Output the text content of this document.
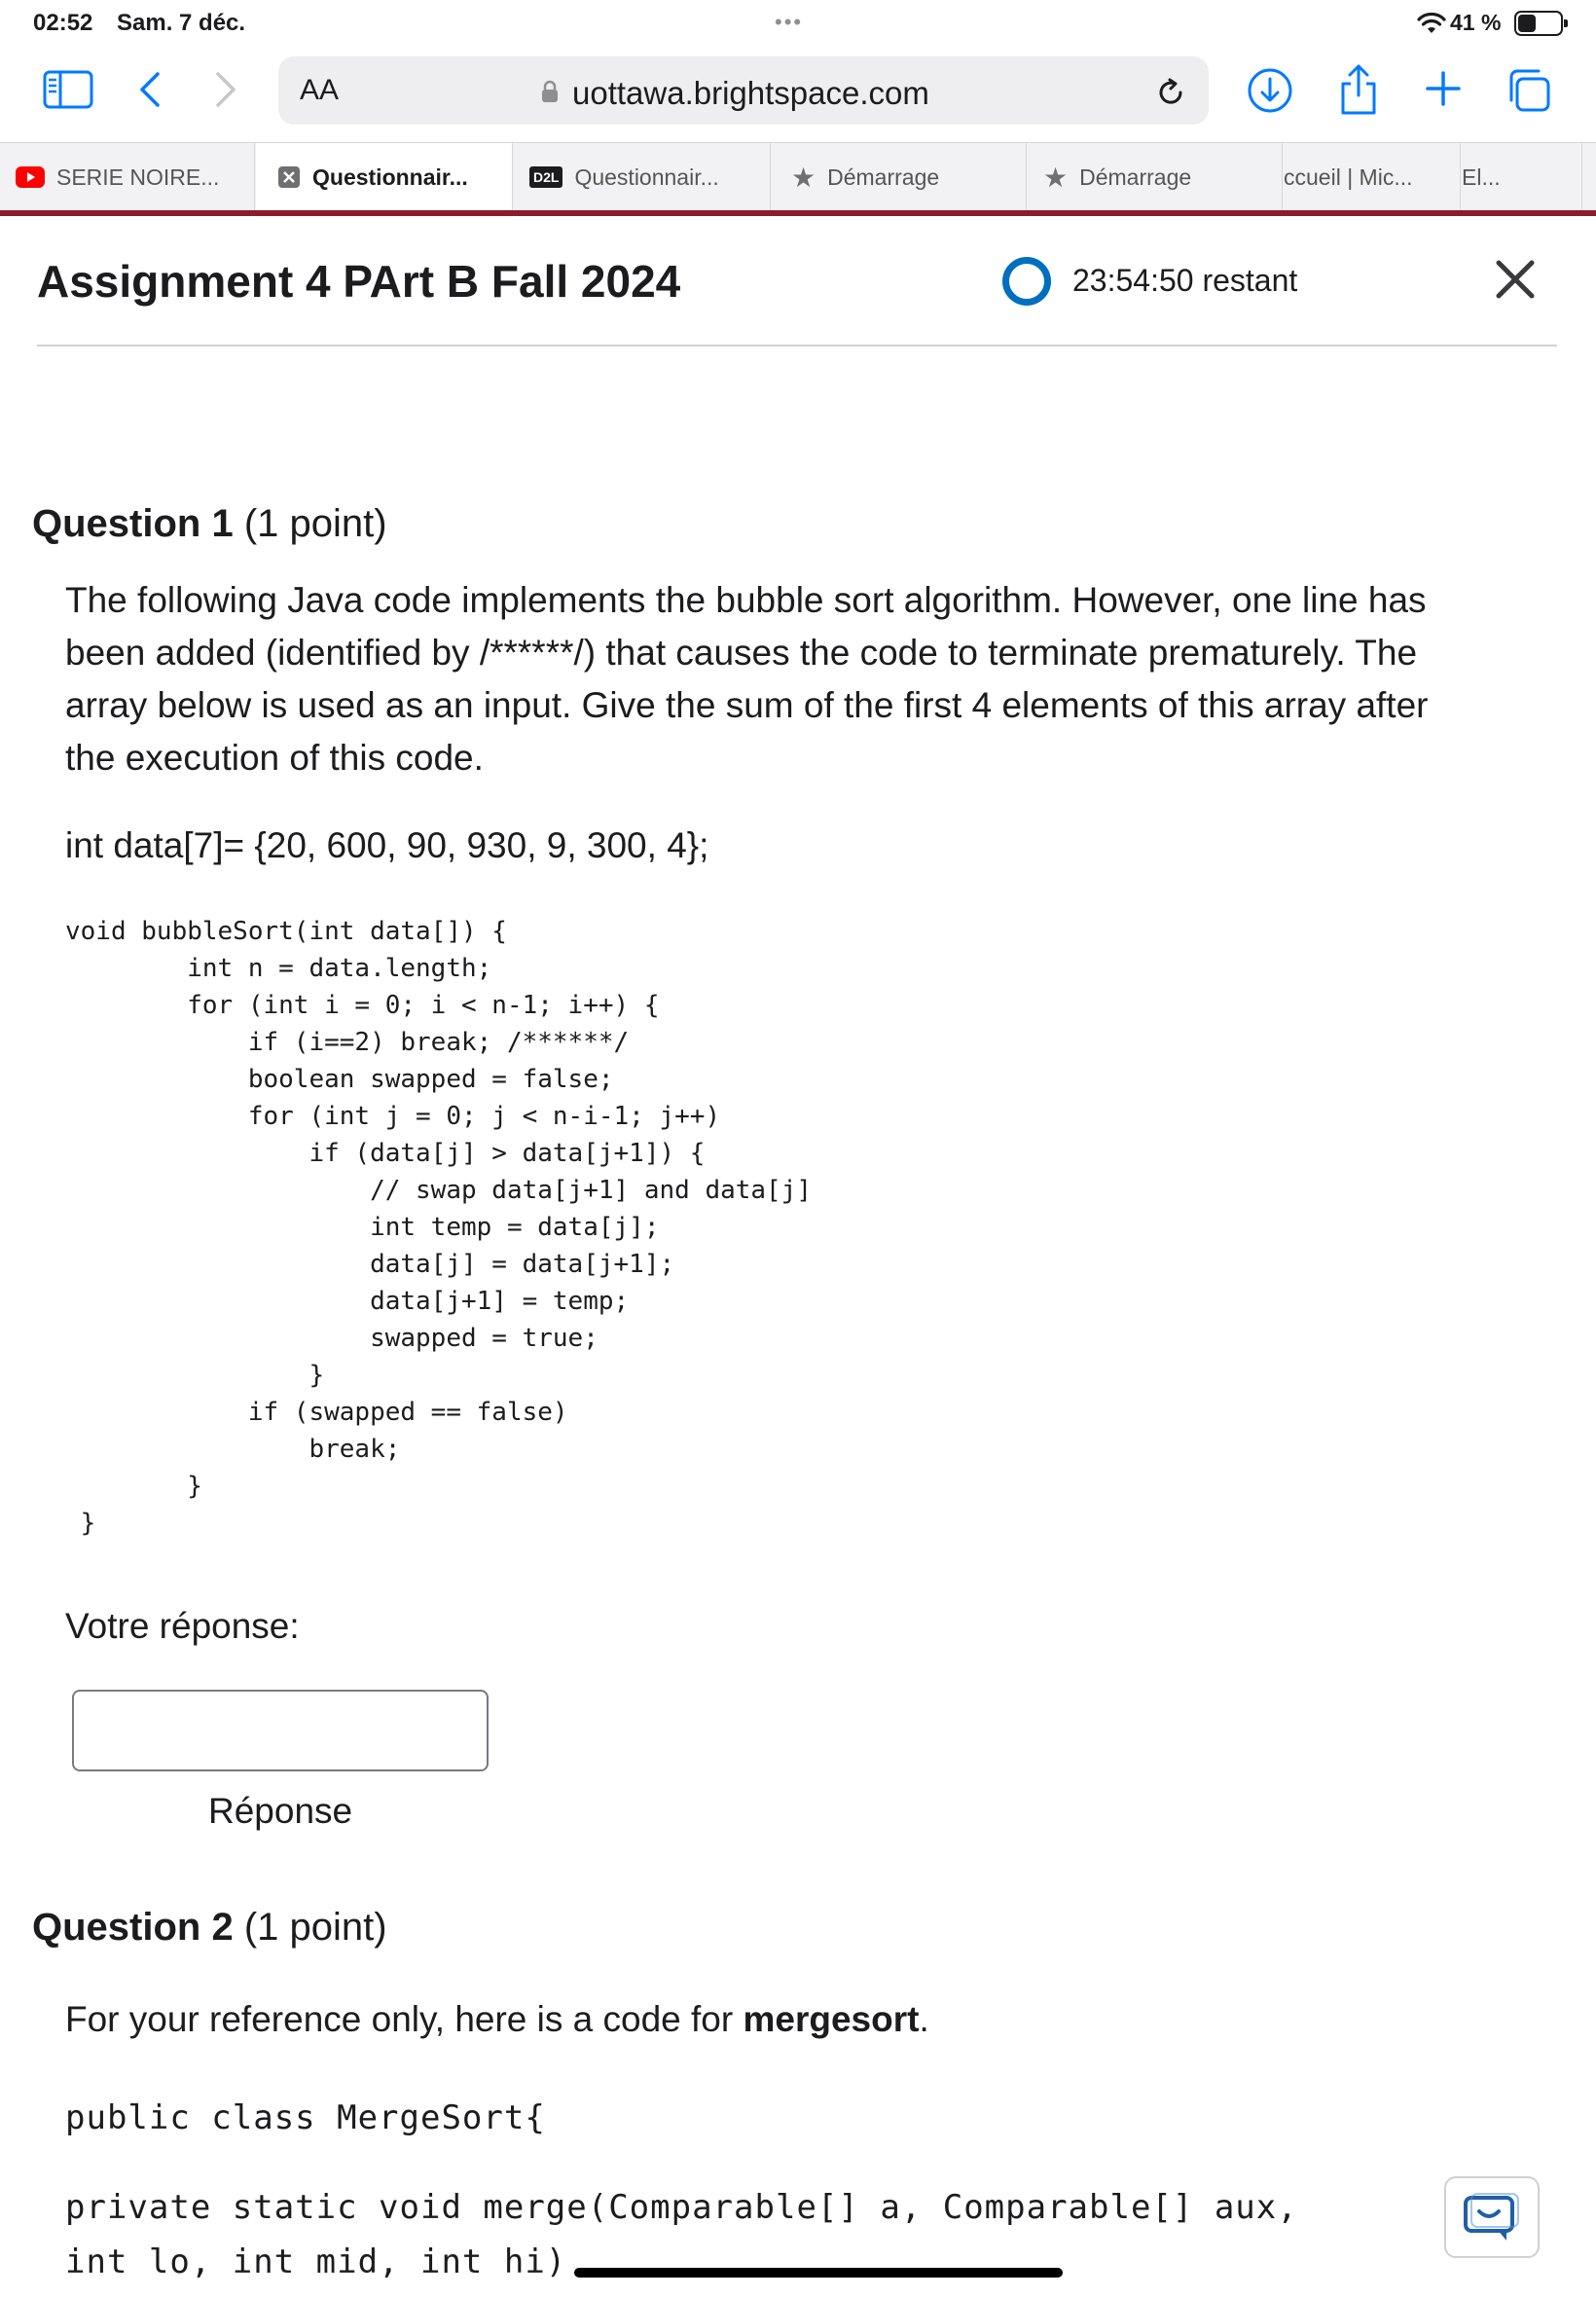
02:52 Sam. 7 déc.	•••	41 %
AA	uottawa.brightspace.com
SERIE NOIRE...	Questionnair...	D2L Questionnair...	★ Démarrage	★ Démarrage	ccueil | Mic... El...
Assignment 4 PArt B Fall 2024	23:54:50 restant
Question 1 (1 point)
The following Java code implements the bubble sort algorithm. However, one line has been added (identified by /******/) that causes the code to terminate prematurely. The array below is used as an input. Give the sum of the first 4 elements of this array after the execution of this code.
int data[7]= {20, 600, 90, 930, 9, 300, 4};
void bubbleSort(int data[]) {
int n = data.length;
for (int i = 0; i < n-1; i++) {
if (i==2) break; /******/
boolean swapped = false;
for (int j = 0; j < n-i-1; j++)
if (data[j] > data[j+1]) {
// swap data[j+1] and data[j]
int temp = data[j];
data[j] = data[j+1];
data[j+1] = temp;
swapped = true;
}
if (swapped == false)
break;
}
}
Votre réponse:
Réponse
Question 2 (1 point)
For your reference only, here is a code for mergesort.
public class MergeSort{
private static void merge(Comparable[] a, Comparable[] aux,
int lo, int mid, int hi)
